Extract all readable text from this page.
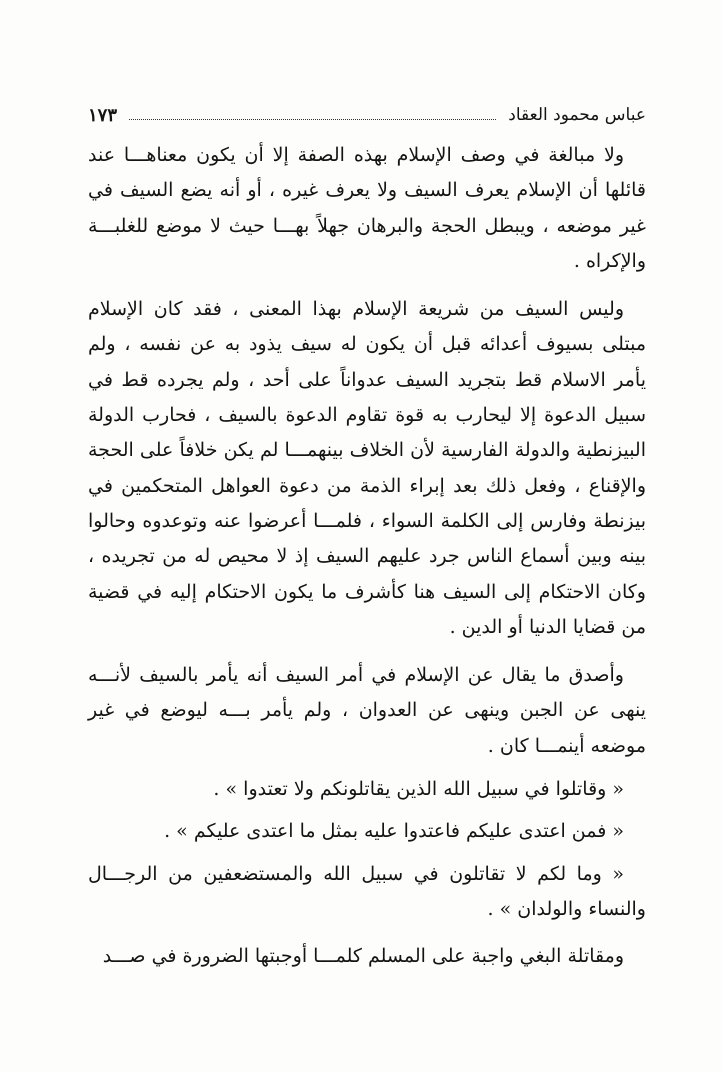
عباس محمود العقاد
١٧٣

ولا مبالغة في وصف الإسلام بهذه الصفة إلا أن يكون معناهـــا عند قائلها أن الإسلام يعرف السيف ولا يعرف غيره ، أو أنه يضع السيف في غير موضعه ، ويبطل الحجة والبرهان جهلاً بهـــا حيث لا موضع للغلبـــة والإكراه .

وليس السيف من شريعة الإسلام بهذا المعنى ، فقد كان الإسلام مبتلى بسيوف أعدائه قبل أن يكون له سيف يذود به عن نفسه ، ولم يأمر الاسلام قط بتجريد السيف عدواناً على أحد ، ولم يجرده قط في سبيل الدعوة إلا ليحارب به قوة تقاوم الدعوة بالسيف ، فحارب الدولة البيزنطية والدولة الفارسية لأن الخلاف بينهمـــا لم يكن خلافاً على الحجة والإقناع ، وفعل ذلك بعد إبراء الذمة من دعوة العواهل المتحكمين في بيزنطة وفارس إلى الكلمة السواء ، فلمـــا أعرضوا عنه وتوعدوه وحالوا بينه وبين أسماع الناس جرد عليهم السيف إذ لا محيص له من تجريده ، وكان الاحتكام إلى السيف هنا كأشرف ما يكون الاحتكام إليه في قضية من قضايا الدنيا أو الدين .

وأصدق ما يقال عن الإسلام في أمر السيف أنه يأمر بالسيف لأنـــه ينهى عن الجبن وينهى عن العدوان ، ولم يأمر بـــه ليوضع في غير موضعه أينمـــا كان .

« وقاتلوا في سبيل الله الذين يقاتلونكم ولا تعتدوا » .

« فمن اعتدى عليكم فاعتدوا عليه بمثل ما اعتدى عليكم » .

« وما لكم لا تقاتلون في سبيل الله والمستضعفين من الرجـــال والنساء والولدان » .

ومقاتلة البغي واجبة على المسلم كلمـــا أوجبتها الضرورة في صـــد
